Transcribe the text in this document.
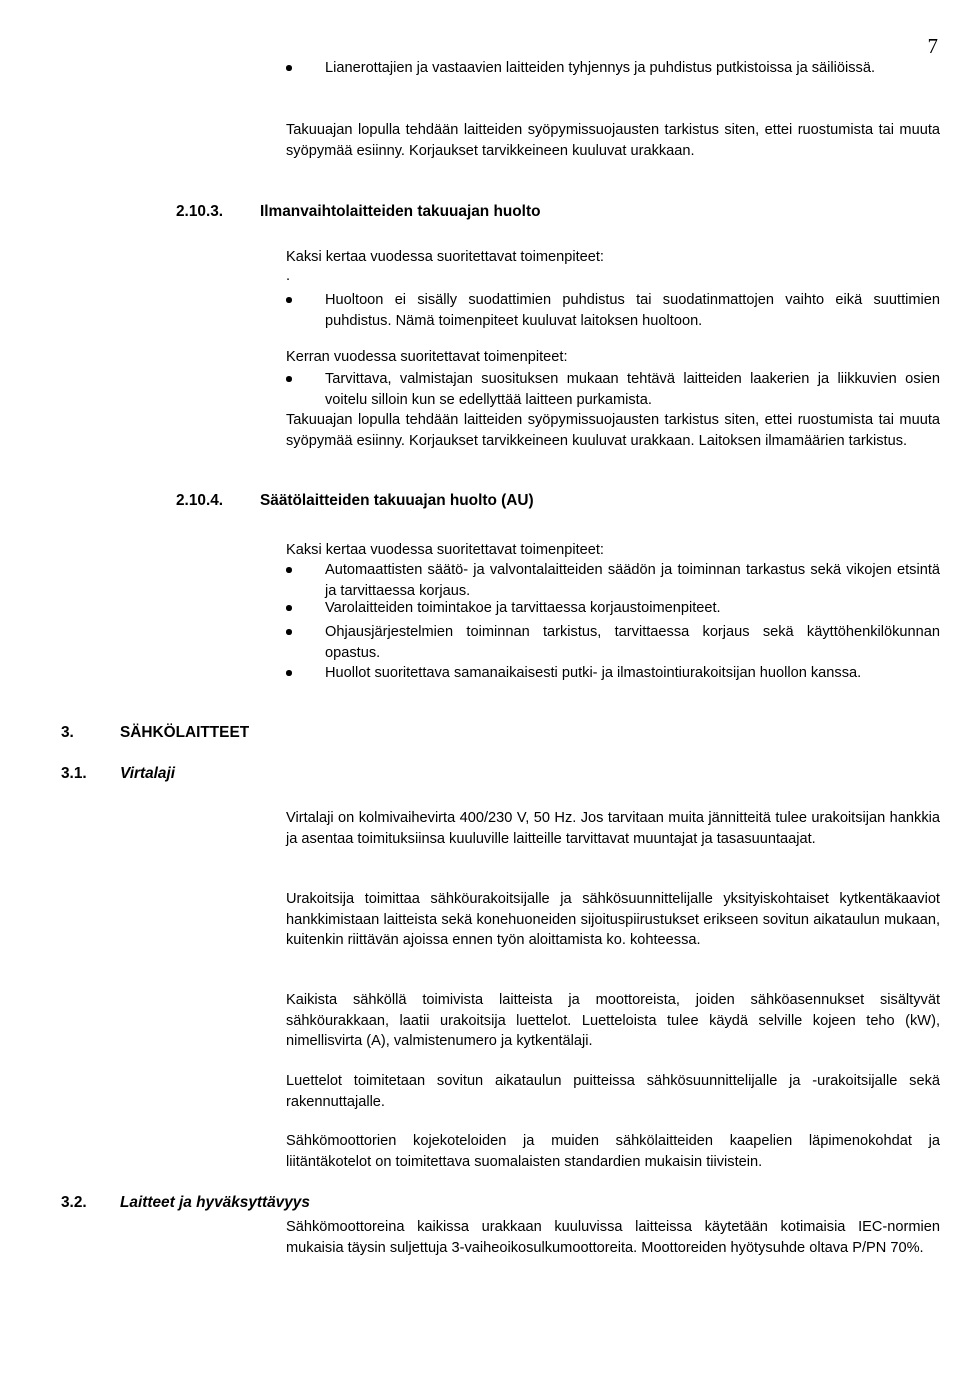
7
Lianerottajien ja vastaavien laitteiden tyhjennys ja puhdistus putkistoissa ja säiliöissä.
Takuuajan lopulla tehdään laitteiden syöpymissuojausten tarkistus siten, ettei ruostumista tai muuta syöpymää esiinny. Korjaukset tarvikkeineen kuuluvat urakkaan.
2.10.3. Ilmanvaihtolaitteiden takuuajan huolto
Kaksi kertaa vuodessa suoritettavat toimenpiteet:
.
Huoltoon ei sisälly suodattimien puhdistus tai suodatinmattojen vaihto eikä suuttimien puhdistus. Nämä toimenpiteet kuuluvat laitoksen huoltoon.
Kerran vuodessa suoritettavat toimenpiteet:
Tarvittava, valmistajan suosituksen mukaan tehtävä laitteiden laakerien ja liikkuvien osien voitelu silloin kun se edellyttää laitteen purkamista.
Takuuajan lopulla tehdään laitteiden syöpymissuojausten tarkistus siten, ettei ruostumista tai muuta syöpymää esiinny. Korjaukset tarvikkeineen kuuluvat urakkaan. Laitoksen ilmamäärien tarkistus.
2.10.4. Säätölaitteiden takuuajan huolto (AU)
Kaksi kertaa vuodessa suoritettavat toimenpiteet:
Automaattisten säätö- ja valvontalaitteiden säädön ja toiminnan tarkastus sekä vikojen etsintä ja tarvittaessa korjaus.
Varolaitteiden toimintakoe ja tarvittaessa korjaustoimenpiteet.
Ohjausjärjestelmien toiminnan tarkistus, tarvittaessa korjaus sekä käyttöhenkilökunnan opastus.
Huollot suoritettava samanaikaisesti putki- ja ilmastointiurakoitsijan huollon kanssa.
3.	SÄHKÖLAITTEET
3.1. Virtalaji
Virtalaji on kolmivaihevirta 400/230 V, 50 Hz. Jos tarvitaan muita jännitteitä tulee urakoitsijan hankkia ja asentaa toimituksiinsa kuuluville laitteille tarvittavat muuntajat ja tasasuuntaajat.
Urakoitsija toimittaa sähköurakoitsijalle ja sähkösuunnittelijalle yksityiskohtaiset kytkentäkaaviot hankkimistaan laitteista sekä konehuoneiden sijoituspiirustukset erikseen sovitun aikataulun mukaan, kuitenkin riittävän ajoissa ennen työn aloittamista ko. kohteessa.
Kaikista sähköllä toimivista laitteista ja moottoreista, joiden sähköasennukset sisältyvät sähköurakkaan, laatii urakoitsija luettelot. Luetteloista tulee käydä selville kojeen teho (kW), nimellisvirta (A), valmistenumero ja kytkentälaji.
Luettelot toimitetaan sovitun aikataulun puitteissa sähkösuunnittelijalle ja -urakoitsijalle sekä rakennuttajalle.
Sähkömoottorien kojekoteloiden ja muiden sähkölaitteiden kaapelien läpimenokohdat ja liitäntäkotelot on toimitettava suomalaisten standardien mukaisin tiivistein.
3.2. Laitteet ja hyväksyttävyys
Sähkömoottoreina kaikissa urakkaan kuuluvissa laitteissa käytetään kotimaisia IEC-normien mukaisia täysin suljettuja 3-vaiheoikosulkumoottoreita. Moottoreiden hyötysuhde oltava P/PN 70%.
